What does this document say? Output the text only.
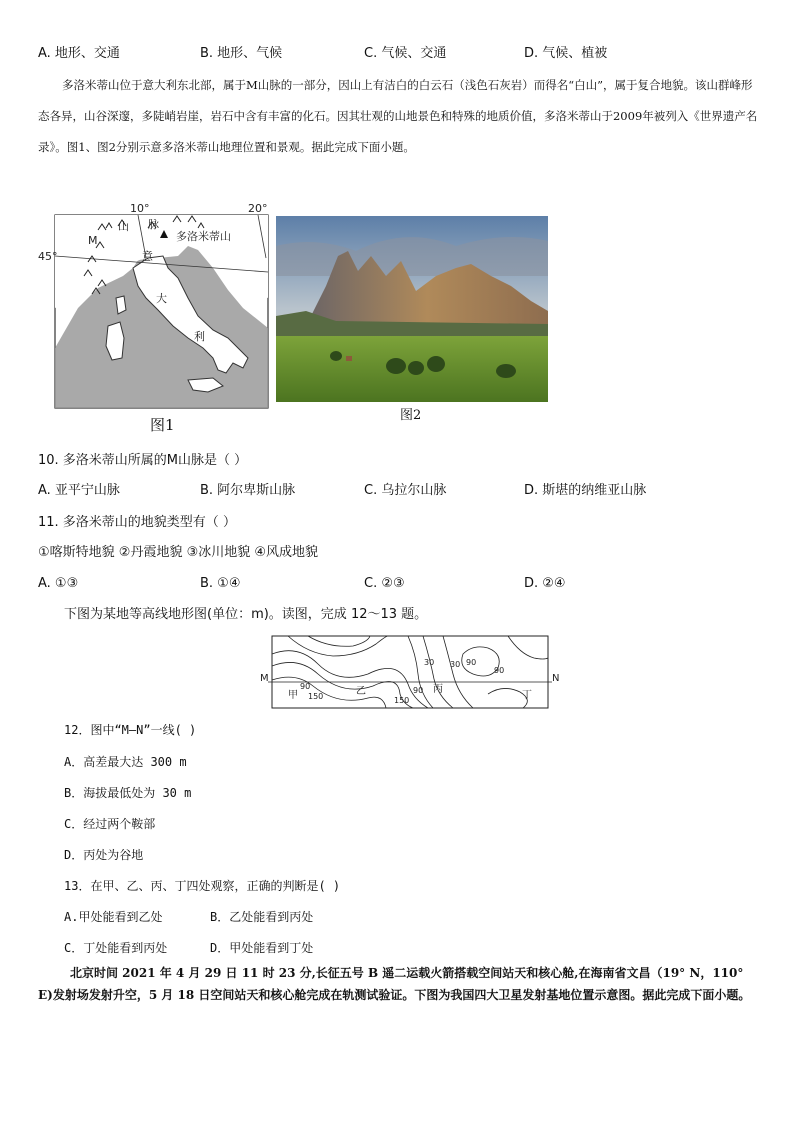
A. 地形、交通	B. 地形、气候	C. 气候、交通	D. 气候、植被
多洛米蒂山位于意大利东北部，属于M山脉的一部分，因山上有洁白的白云石（浅色石灰岩）而得名“白山”，属于复合地貌。该山群峰形态各异，山谷深邃，多陡峭岩崖，岩石中含有丰富的化石。因其壮观的山地景色和特殊的地质价值，多洛米蒂山于2009年被列入《世界遗产名录》。图1、图2分别示意多洛米蒂山地理位置和景观。据此完成下面小题。
10°	20°
45°
山 脉
M
意
大
利
多洛米蒂山
图1
图2
10. 多洛米蒂山所属的M山脉是（ ）
A. 亚平宁山脉	B. 阿尔卑斯山脉	C. 乌拉尔山脉	D. 斯堪的纳维亚山脉
11. 多洛米蒂山的地貌类型有（ ）
①喀斯特地貌 ②丹霞地貌 ③冰川地貌 ④风成地貌
A. ①③	B. ①④	C. ②③	D. ②④
下图为某地等高线地形图(单位：m)。读图，完成 12～13 题。
M	N
甲	乙	丙
丁
90
150	150
90
30 30 90
90
12．图中“M—N”一线( )
A．高差最大达 300 m
B．海拔最低处为 30 m
C．经过两个鞍部
D．丙处为谷地
13．在甲、乙、丙、丁四处观察，正确的判断是( )
A.甲处能看到乙处	B．乙处能看到丙处
C．丁处能看到丙处	D．甲处能看到丁处
北京时间 2021 年 4 月 29 日 11 时 23 分,长征五号 B 遥二运载火箭搭载空间站天和核心舱,在海南省文昌（19° N，110° E)发射场发射升空，5 月 18 日空间站天和核心舱完成在轨测试验证。下图为我国四大卫星发射基地位置示意图。据此完成下面小题。
